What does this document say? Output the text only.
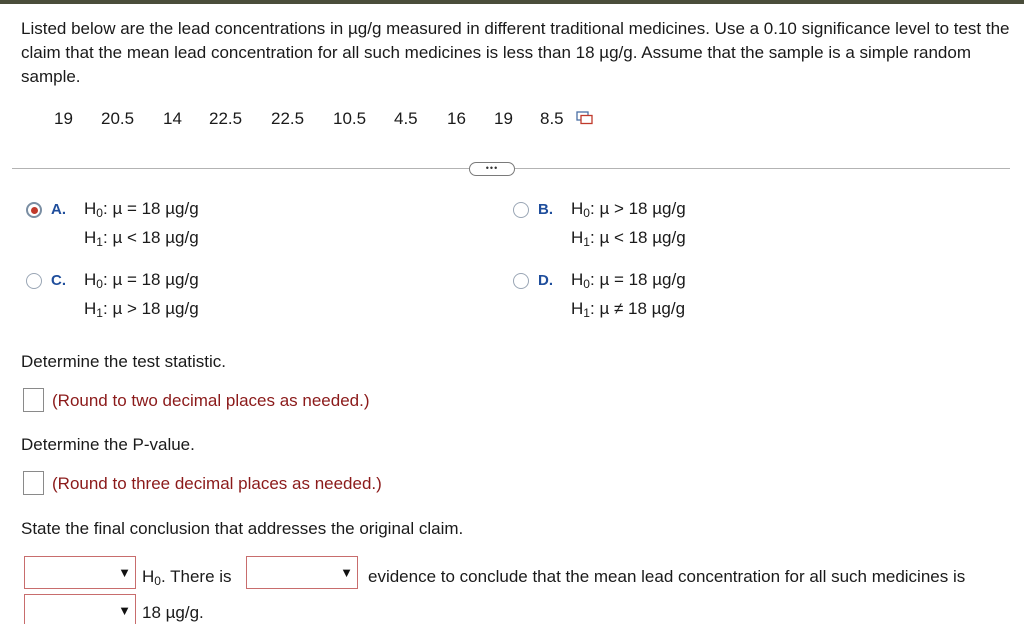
Listed below are the lead concentrations in µg/g measured in different traditional medicines. Use a 0.10 significance level to test the claim that the mean lead concentration for all such medicines is less than 18 µg/g. Assume that the sample is a simple random sample.
19 20.5 14 22.5 22.5 10.5 4.5 16 19 8.5
•••
A. $H_0$: µ = 18 µg/g
$H_1$: µ < 18 µg/g
B. $H_0$: µ > 18 µg/g
$H_1$: µ < 18 µg/g
C. $H_0$: µ = 18 µg/g
$H_1$: µ > 18 µg/g
D. $H_0$: µ = 18 µg/g
$H_1$: µ ≠ 18 µg/g
Determine the test statistic.
(Round to two decimal places as needed.)
Determine the P-value.
(Round to three decimal places as needed.)
State the final conclusion that addresses the original claim.
▼ $H_0$. There is	▼ evidence to conclude that the mean lead concentration for all such medicines is
▼ 18 µg/g.
